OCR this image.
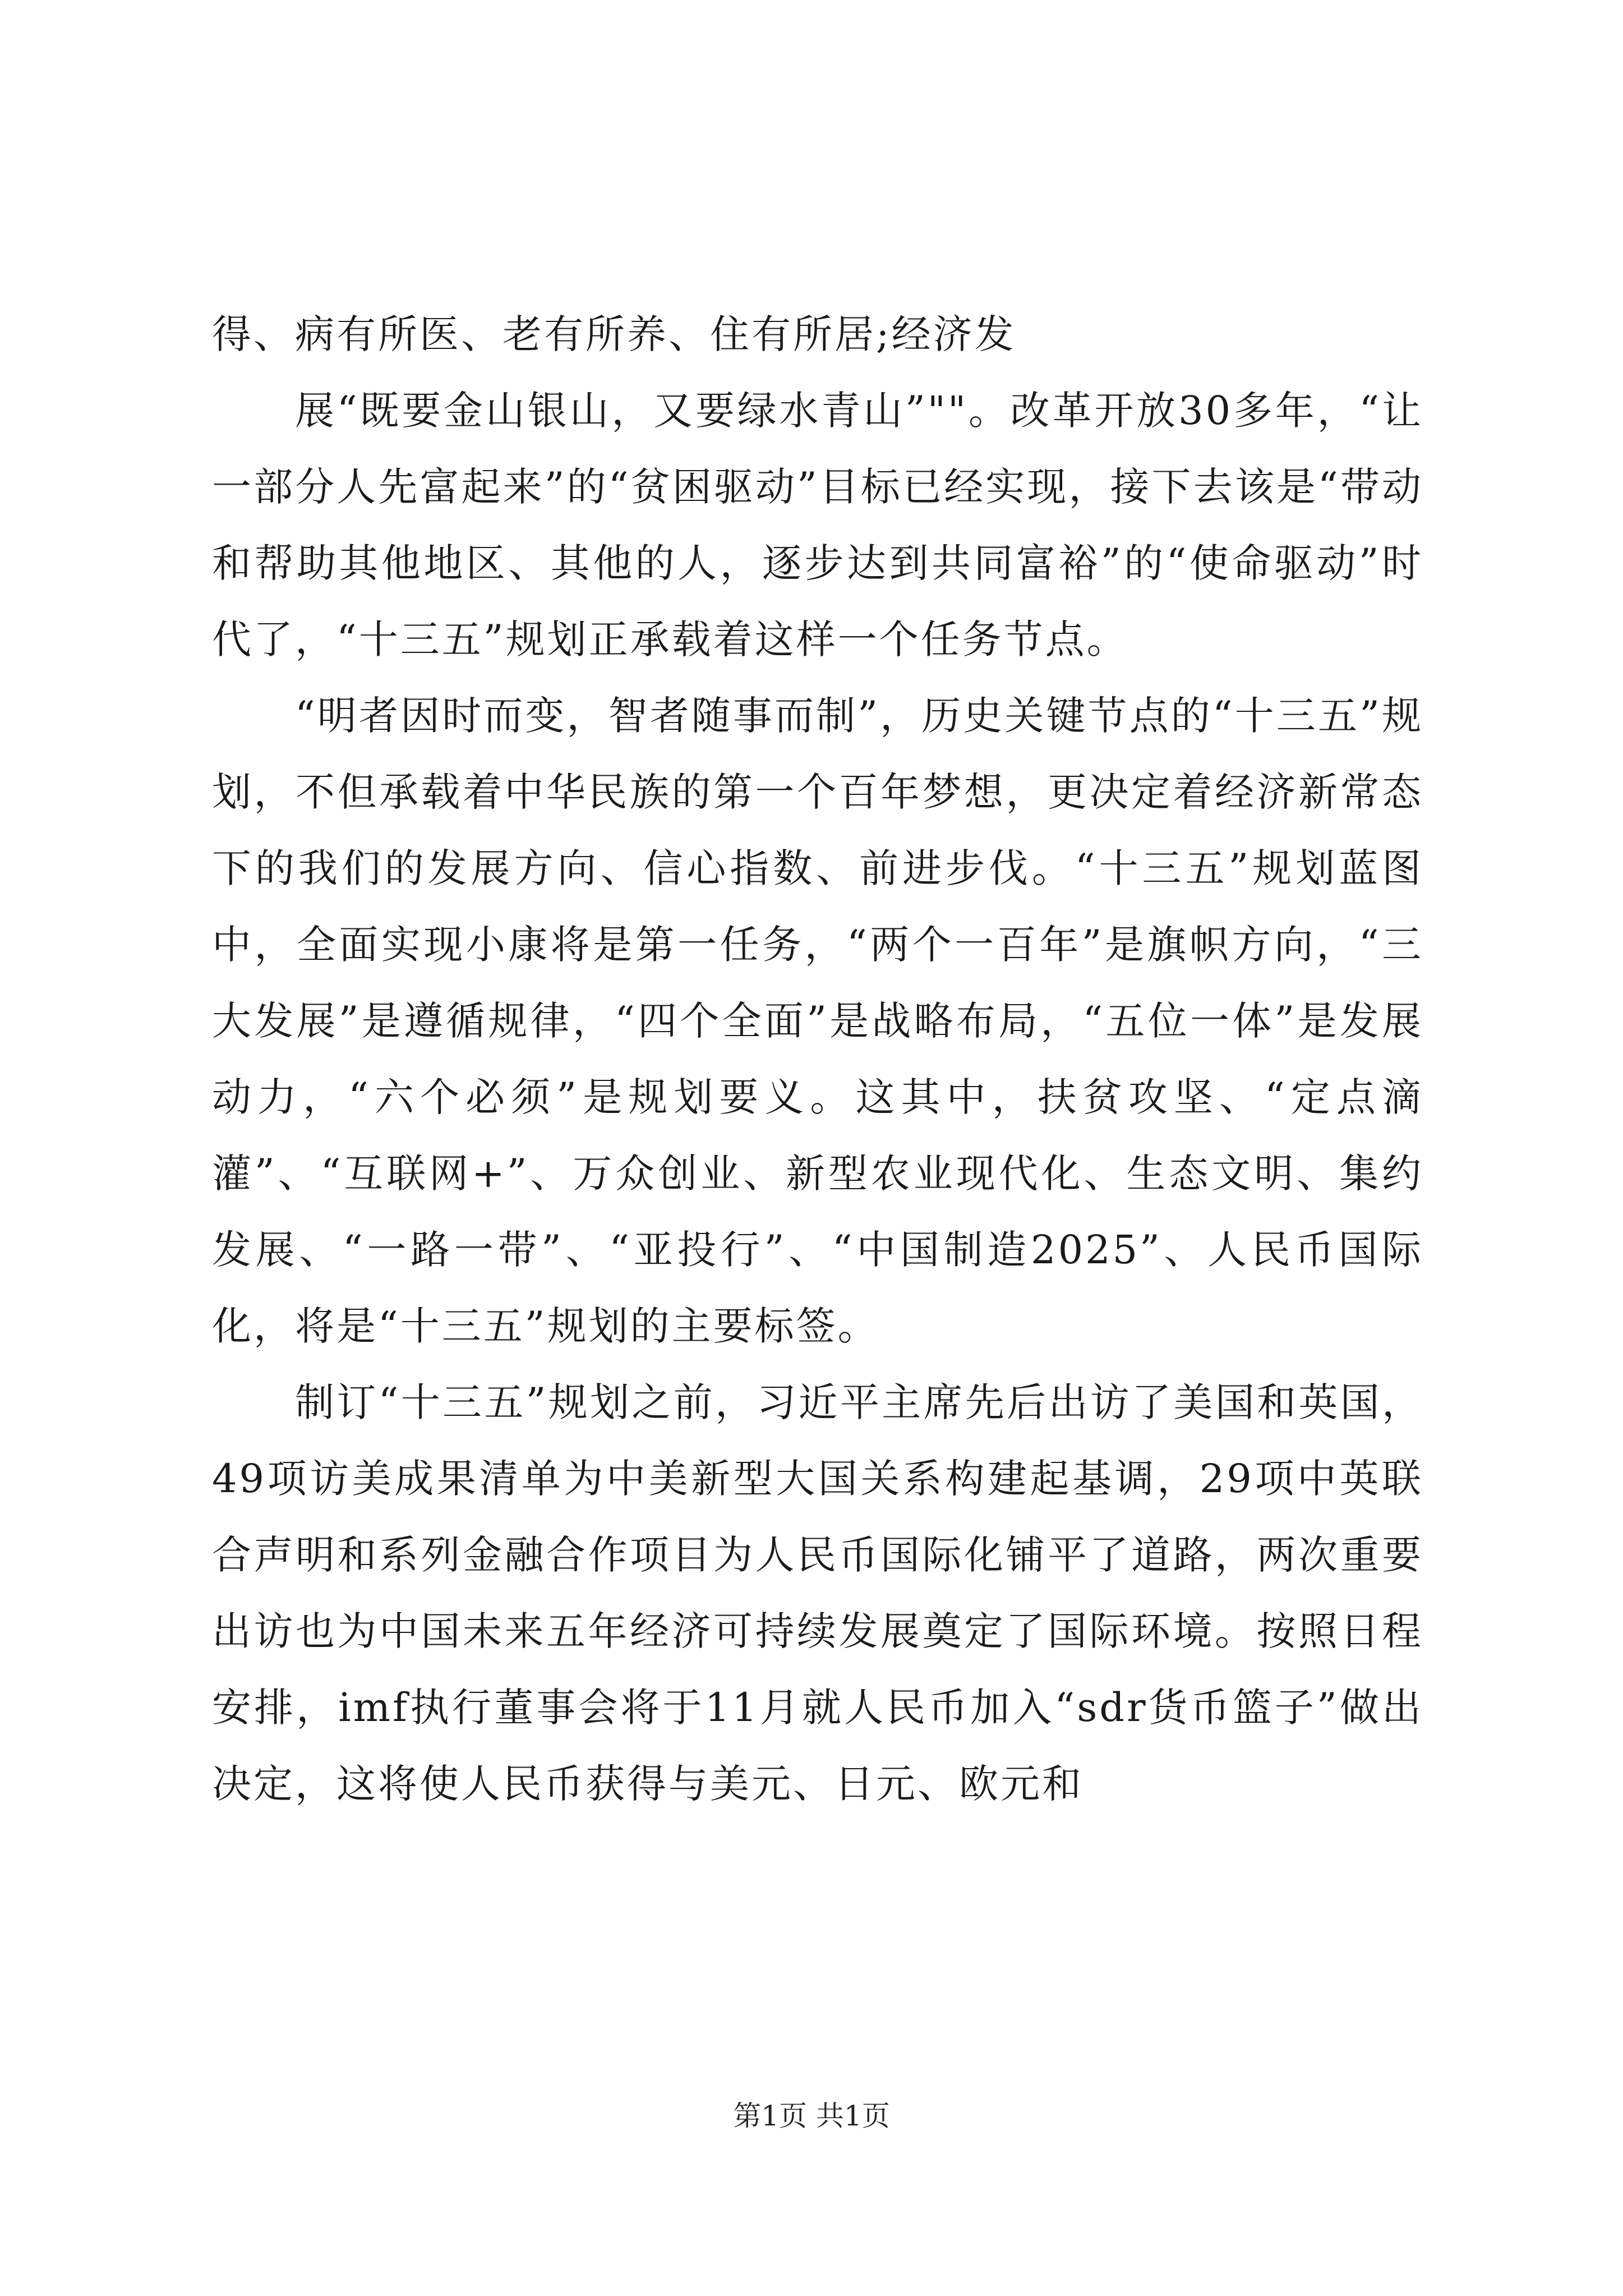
得、病有所医、老有所养、住有所居;经济发

展“既要金山银山，又要绿水青山”""。改革开放30多年，“让一部分人先富起来”的“贫困驱动”目标已经实现，接下去该是“带动和帮助其他地区、其他的人，逐步达到共同富裕”的“使命驱动”时代了，“十三五”规划正承载着这样一个任务节点。

“明者因时而变，智者随事而制”，历史关键节点的“十三五”规划，不但承载着中华民族的第一个百年梦想，更决定着经济新常态下的我们的发展方向、信心指数、前进步伐。“十三五”规划蓝图中，全面实现小康将是第一任务，“两个一百年”是旗帜方向，“三大发展”是遵循规律，“四个全面”是战略布局，“五位一体”是发展动力，“六个必须”是规划要义。这其中，扶贫攻坚、“定点滴灌”、“互联网+”、万众创业、新型农业现代化、生态文明、集约发展、“一路一带”、“亚投行”、“中国制造2025”、人民币国际化，将是“十三五”规划的主要标签。

制订“十三五”规划之前，习近平主席先后出访了美国和英国，49项访美成果清单为中美新型大国关系构建起基调，29项中英联合声明和系列金融合作项目为人民币国际化铺平了道路，两次重要出访也为中国未来五年经济可持续发展奠定了国际环境。按照日程安排，imf执行董事会将于11月就人民币加入“sdr货币篮子”做出决定，这将使人民币获得与美元、日元、欧元和

第1页 共1页
